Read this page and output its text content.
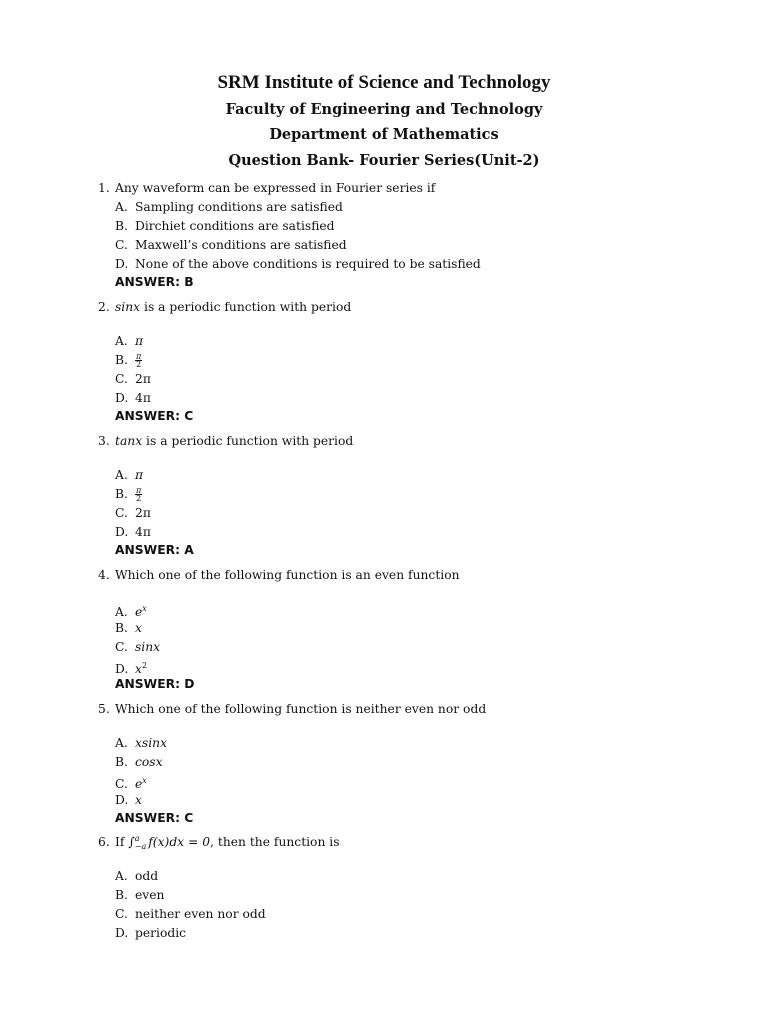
SRM Institute of Science and Technology
Faculty of Engineering and Technology
Department of Mathematics
Question Bank- Fourier Series(Unit-2)
1. Any waveform can be expressed in Fourier series if
A. Sampling conditions are satisfied
B. Dirchiet conditions are satisfied
C. Maxwell’s conditions are satisfied
D. None of the above conditions is required to be satisfied
ANSWER: B
2. sinx is a periodic function with period
A. π
B. $\frac{\pi}{2}$
C. 2π
D. 4π
ANSWER: C
3. tanx is a periodic function with period
A. π
B. $\frac{\pi}{2}$
C. 2π
D. 4π
ANSWER: A
4. Which one of the following function is an even function
A. $e^x$
B. x
C. sinx
D. $x^2$
ANSWER: D
5. Which one of the following function is neither even nor odd
A. xsinx
B. cosx
C. $e^x$
D. x
ANSWER: C
6. If ∫ a
−a f(x)dx = 0, then the function is
A. odd
B. even
C. neither even nor odd
D. periodic
